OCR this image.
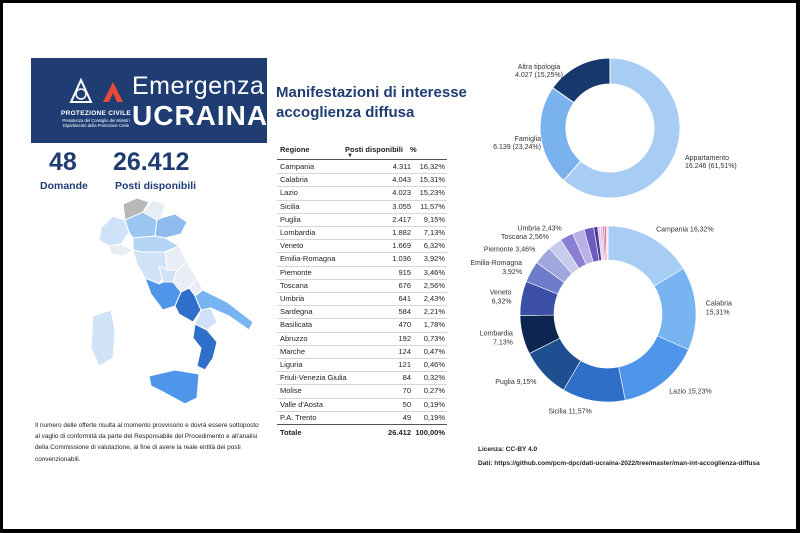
PROTEZIONE CIVILE
Presidenza del Consiglio dei Ministri
Dipartimento della Protezione Civile
Emergenza
UCRAINA
48
Domande
26.412
Posti disponibili
Manifestazioni di interesse
accoglienza diffusa
Regione	Posti disponibili
▼
%
Campania	4.311 16,32%
Calabria	4.043 15,31%
Lazio	4.023 15,23%
Sicilia	3.055 11,57%
Puglia	2.417 9,15%
Lombardia	1.882 7,13%
Veneto	1.669 6,32%
Emilia-Romagna	1.036 3,92%
Piemonte	915 3,46%
Toscana	676 2,56%
Umbria	641 2,43%
Sardegna	584 2,21%
Basilicata	470 1,78%
Abruzzo	192 0,73%
Marche	124 0,47%
Liguria	121 0,46%
Friuli-Venezia Giulia	84 0,32%
Molise	70 0,27%
Valle d'Aosta	50 0,19%
P.A. Trento	49 0,19%
Totale	26.412 100,00%
Il numero delle offerte risulta al momento provvisorio e dovrà essere sottoposto al vaglio di conformità da parte del Responsabile del Procedimento e all'analisi della Commissione di valutazione, al fine di avere la reale entità dei posti convenzionabili.
Appartamento
16.246 (61,51%)
Famiglia
6.139 (23,24%)
Altra tipologia
4.027 (15,25%)
Campania 16,32%
Calabria
15,31%
Lazio 15,23%
Sicilia 11,57%
Puglia 9,15%
Lombardia
7,13%
Veneto
6,32%
Emilia-Romagna
3,92%
Piemonte 3,46%
Toscana 2,56%
Umbria 2,43%
Licenza: CC-BY 4.0
Dati: https://github.com/pcm-dpc/dati-ucraina-2022/tree/master/man-int-accoglienza-diffusa
